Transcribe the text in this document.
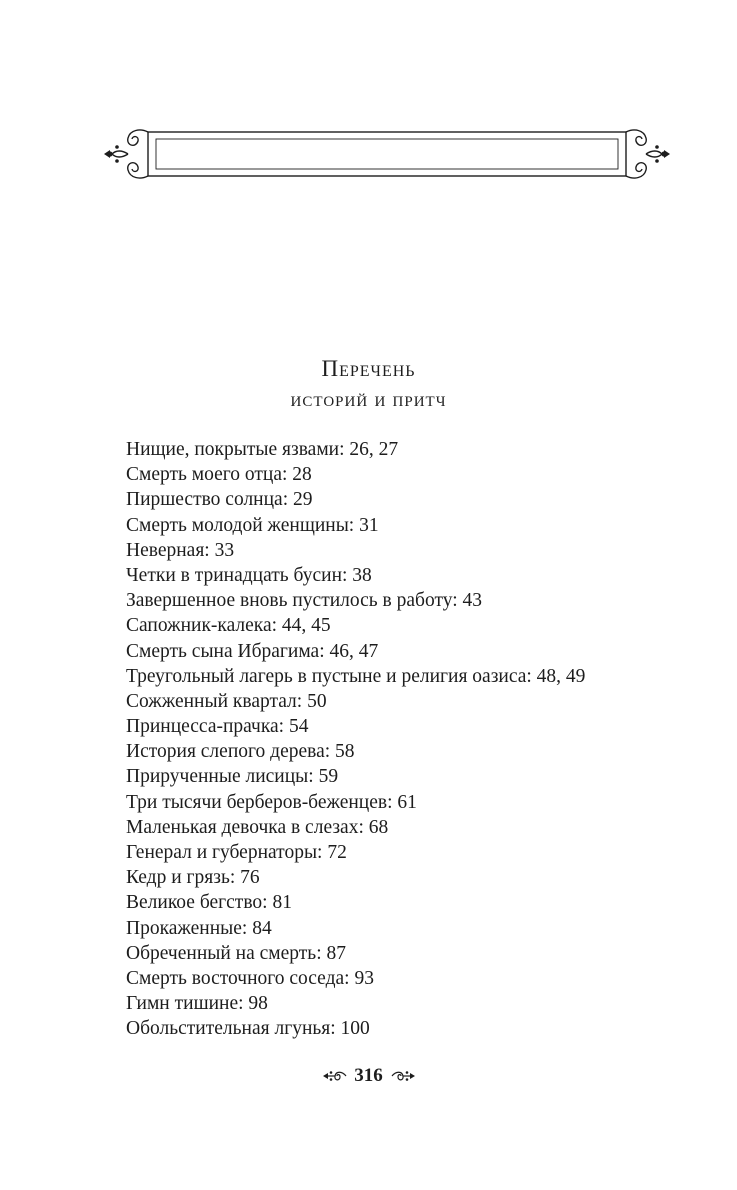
Перечень
историй и притч
Нищие, покрытые язвами: 26, 27
Смерть моего отца: 28
Пиршество солнца: 29
Смерть молодой женщины: 31
Неверная: 33
Четки в тринадцать бусин: 38
Завершенное вновь пустилось в работу: 43
Сапожник-калека: 44, 45
Смерть сына Ибрагима: 46, 47
Треугольный лагерь в пустыне и религия оазиса: 48, 49
Сожженный квартал: 50
Принцесса-прачка: 54
История слепого дерева: 58
Прирученные лисицы: 59
Три тысячи берберов-беженцев: 61
Маленькая девочка в слезах: 68
Генерал и губернаторы: 72
Кедр и грязь: 76
Великое бегство: 81
Прокаженные: 84
Обреченный на смерть: 87
Смерть восточного соседа: 93
Гимн тишине: 98
Обольстительная лгунья: 100
316
